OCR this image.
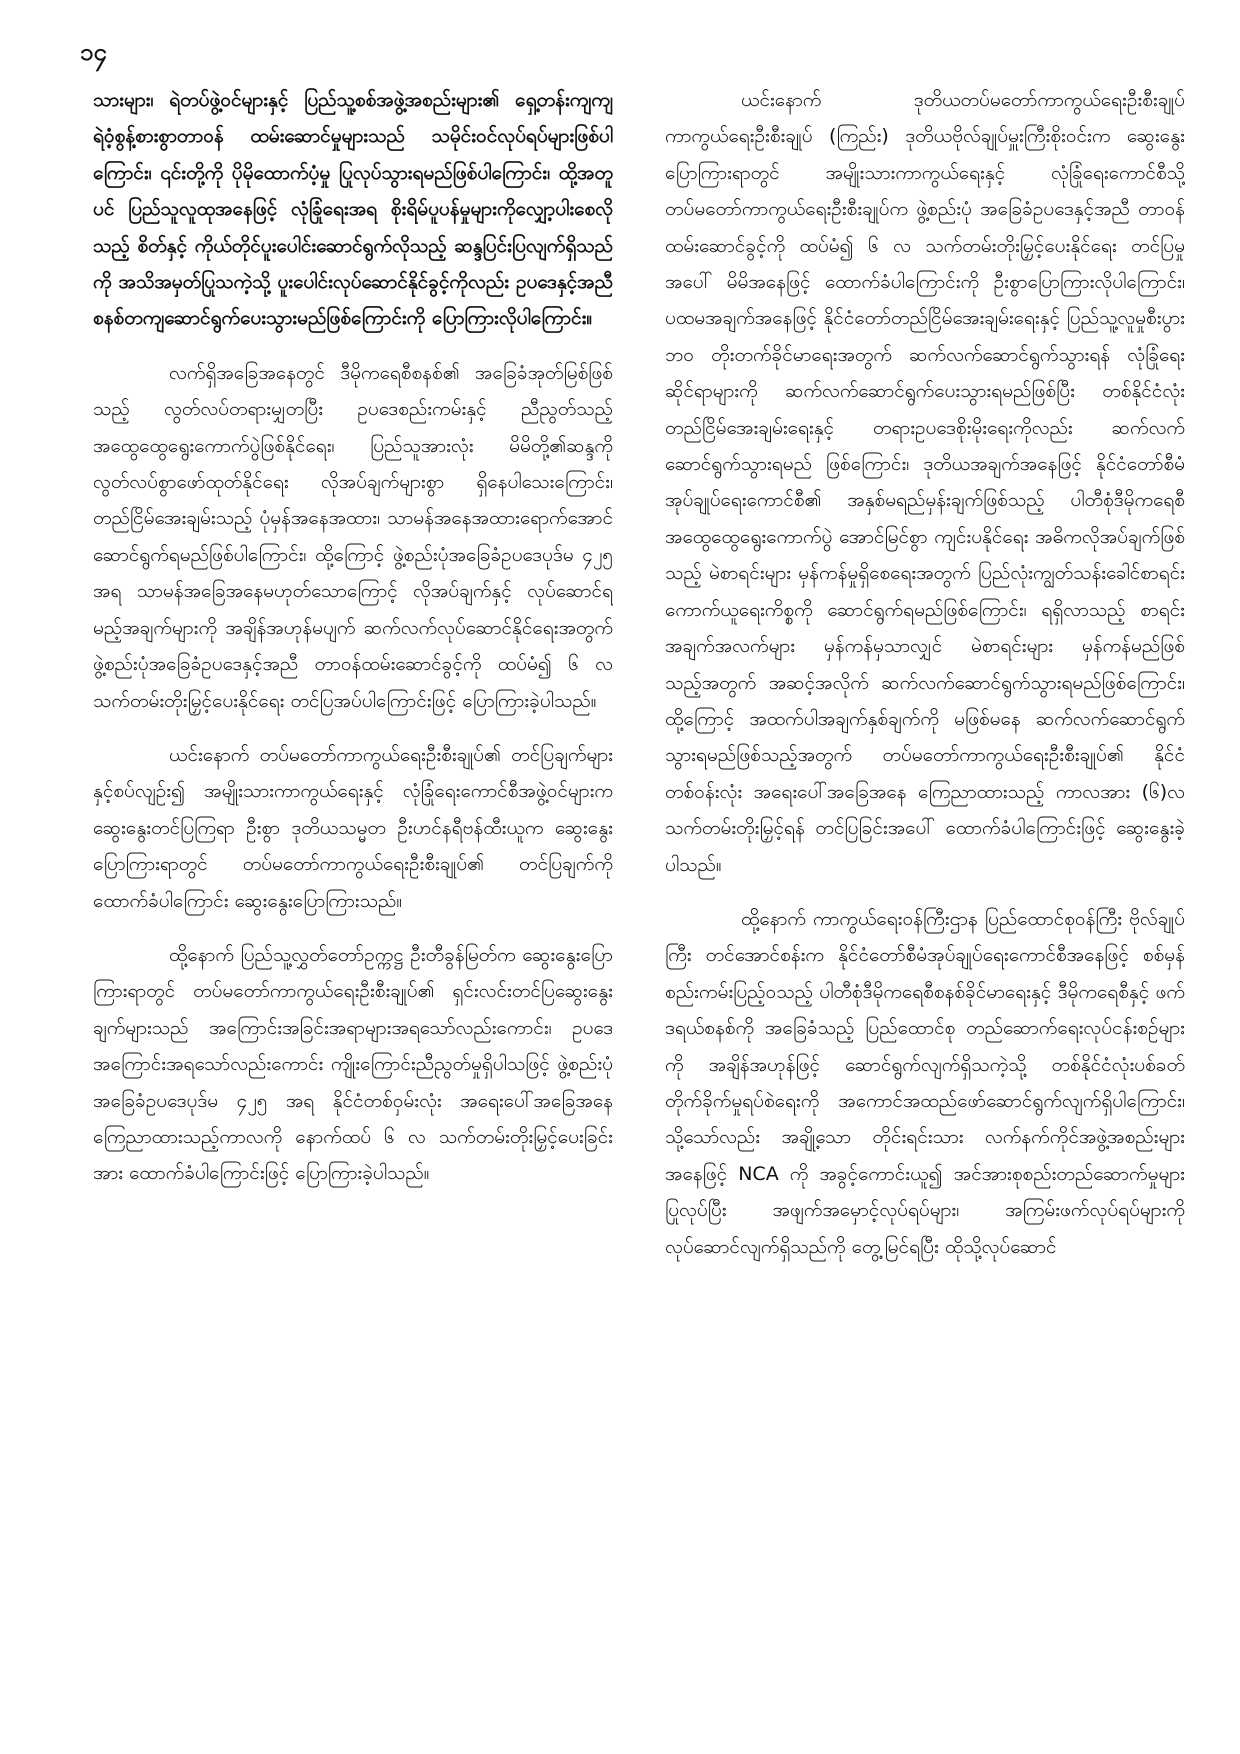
၁၄

သားများ၊ ရဲတပ်ဖွဲ့ဝင်များနှင့် ပြည်သူ့စစ်အဖွဲ့အစည်းများ၏ ရှေ့တန်းကျကျ ရဲဝံ့စွန့်စားစွာတာဝန် ထမ်းဆောင်မှုများသည် သမိုင်းဝင်လုပ်ရပ်များဖြစ်ပါကြောင်း၊ ၎င်းတို့ကို ပိုမိုထောက်ပံ့မှု ပြုလုပ်သွားရမည်ဖြစ်ပါကြောင်း၊ ထို့အတူပင် ပြည်သူလူထုအနေဖြင့် လုံခြုံရေးအရ စိုးရိမ်ပူပန်မှုများကိုလျှော့ပါးစေလိုသည့် စိတ်နှင့် ကိုယ်တိုင်ပူးပေါင်းဆောင်ရွက်လိုသည့် ဆန္ဒပြင်းပြလျက်ရှိသည်ကို အသိအမှတ်ပြုသကဲ့သို့ ပူးပေါင်းလုပ်ဆောင်နိုင်ခွင့်ကိုလည်း ဥပဒေနှင့်အညီ စနစ်တကျဆောင်ရွက်ပေးသွားမည်ဖြစ်ကြောင်းကို ပြောကြားလိုပါကြောင်း။

လက်ရှိအခြေအနေတွင် ဒီမိုကရေစီစနစ်၏ အခြေခံအုတ်မြစ်ဖြစ်သည့် လွတ်လပ်တရားမျှတပြီး ဥပဒေစည်းကမ်းနှင့် ညီညွတ်သည့် အထွေထွေရွေးကောက်ပွဲဖြစ်နိုင်ရေး၊ ပြည်သူအားလုံး မိမိတို့၏ဆန္ဒကို လွတ်လပ်စွာဖော်ထုတ်နိုင်ရေး လိုအပ်ချက်များစွာ ရှိနေပါသေးကြောင်း၊ တည်ငြိမ်အေးချမ်းသည့် ပုံမှန်အနေအထား၊ သာမန်အနေအထားရောက်အောင် ဆောင်ရွက်ရမည်ဖြစ်ပါကြောင်း၊ ထို့ကြောင့် ဖွဲ့စည်းပုံအခြေခံဥပဒေပုဒ်မ ၄၂၅ အရ သာမန်အခြေအနေမဟုတ်သောကြောင့် လိုအပ်ချက်နှင့် လုပ်ဆောင်ရမည့်အချက်များကို အချိန်အဟုန်မပျက် ဆက်လက်လုပ်ဆောင်နိုင်ရေးအတွက် ဖွဲ့စည်းပုံအခြေခံဥပဒေနှင့်အညီ တာဝန်ထမ်းဆောင်ခွင့်ကို ထပ်မံ၍ ၆ လ သက်တမ်းတိုးမြှင့်ပေးနိုင်ရေး တင်ပြအပ်ပါကြောင်းဖြင့် ပြောကြားခဲ့ပါသည်။

ယင်းနောက် တပ်မတော်ကာကွယ်ရေးဦးစီးချုပ်၏ တင်ပြချက်များနှင့်စပ်လျဉ်း၍ အမျိုးသားကာကွယ်ရေးနှင့် လုံခြုံရေးကောင်စီအဖွဲ့ဝင်များက ဆွေးနွေးတင်ပြကြရာ ဦးစွာ ဒုတိယသမ္မတ ဦးဟင်နရီဗန်ထီးယူက ဆွေးနွေးပြောကြားရာတွင် တပ်မတော်ကာကွယ်ရေးဦးစီးချုပ်၏ တင်ပြချက်ကိုထောက်ခံပါကြောင်း ဆွေးနွေးပြောကြားသည်။

ထို့နောက် ပြည်သူ့လွှတ်တော်ဥက္ကဋ္ဌ ဦးတီခွန်မြတ်က ဆွေးနွေးပြောကြားရာတွင် တပ်မတော်ကာကွယ်ရေးဦးစီးချုပ်၏ ရှင်းလင်းတင်ပြဆွေးနွေးချက်များသည် အကြောင်းအခြင်းအရာများအရသော်လည်းကောင်း၊ ဥပဒေအကြောင်းအရသော်လည်းကောင်း ကျိုးကြောင်းညီညွတ်မှုရှိပါသဖြင့် ဖွဲ့စည်းပုံအခြေခံဥပဒေပုဒ်မ ၄၂၅ အရ နိုင်ငံတစ်ဝှမ်းလုံး အရေးပေါ်အခြေအနေကြေညာထားသည့်ကာလကို နောက်ထပ် ၆ လ သက်တမ်းတိုးမြှင့်ပေးခြင်းအား ထောက်ခံပါကြောင်းဖြင့် ပြောကြားခဲ့ပါသည်။

ယင်းနောက် ဒုတိယတပ်မတော်ကာကွယ်ရေးဦးစီးချုပ် ကာကွယ်ရေးဦးစီးချုပ် (ကြည်း) ဒုတိယဗိုလ်ချုပ်မှူးကြီးစိုးဝင်းက ဆွေးနွေးပြောကြားရာတွင် အမျိုးသားကာကွယ်ရေးနှင့် လုံခြုံရေးကောင်စီသို့ တပ်မတော်ကာကွယ်ရေးဦးစီးချုပ်က ဖွဲ့စည်းပုံ အခြေခံဥပဒေနှင့်အညီ တာဝန်ထမ်းဆောင်ခွင့်ကို ထပ်မံ၍ ၆ လ သက်တမ်းတိုးမြှင့်ပေးနိုင်ရေး တင်ပြမှုအပေါ် မိမိအနေဖြင့် ထောက်ခံပါကြောင်းကို ဦးစွာပြောကြားလိုပါကြောင်း၊ ပထမအချက်အနေဖြင့် နိုင်ငံတော်တည်ငြိမ်အေးချမ်းရေးနှင့် ပြည်သူ့လူမှုစီးပွားဘဝ တိုးတက်ခိုင်မာရေးအတွက် ဆက်လက်ဆောင်ရွက်သွားရန် လုံခြုံရေးဆိုင်ရာများကို ဆက်လက်ဆောင်ရွက်ပေးသွားရမည်ဖြစ်ပြီး တစ်နိုင်ငံလုံးတည်ငြိမ်အေးချမ်းရေးနှင့် တရားဥပဒေစိုးမိုးရေးကိုလည်း ဆက်လက်ဆောင်ရွက်သွားရမည် ဖြစ်ကြောင်း၊ ဒုတိယအချက်အနေဖြင့် နိုင်ငံတော်စီမံအုပ်ချုပ်ရေးကောင်စီ၏ အနှစ်မရည်မှန်းချက်ဖြစ်သည့် ပါတီစုံဒီမိုကရေစီအထွေထွေရွေးကောက်ပွဲ အောင်မြင်စွာ ကျင်းပနိုင်ရေး အဓိကလိုအပ်ချက်ဖြစ်သည့် မဲစာရင်းများ မှန်ကန်မှုရှိစေရေးအတွက် ပြည်လုံးကျွတ်သန်းခေါင်စာရင်း ကောက်ယူရေးကိစ္စကို ဆောင်ရွက်ရမည်ဖြစ်ကြောင်း၊ ရရှိလာသည့် စာရင်းအချက်အလက်များ မှန်ကန်မှသာလျှင် မဲစာရင်းများ မှန်ကန်မည်ဖြစ်သည့်အတွက် အဆင့်အလိုက် ဆက်လက်ဆောင်ရွက်သွားရမည်ဖြစ်ကြောင်း၊ ထို့ကြောင့် အထက်ပါအချက်နှစ်ချက်ကို မဖြစ်မနေ ဆက်လက်ဆောင်ရွက်သွားရမည်ဖြစ်သည့်အတွက် တပ်မတော်ကာကွယ်ရေးဦးစီးချုပ်၏ နိုင်ငံတစ်ဝန်းလုံး အရေးပေါ်အခြေအနေ ကြေညာထားသည့် ကာလအား (၆)လ သက်တမ်းတိုးမြှင့်ရန် တင်ပြခြင်းအပေါ် ထောက်ခံပါကြောင်းဖြင့် ဆွေးနွေးခဲ့ပါသည်။

ထို့နောက် ကာကွယ်ရေးဝန်ကြီးဌာန ပြည်ထောင်စုဝန်ကြီး ဗိုလ်ချုပ်ကြီး တင်အောင်စန်းက နိုင်ငံတော်စီမံအုပ်ချုပ်ရေးကောင်စီအနေဖြင့် စစ်မှန်စည်းကမ်းပြည့်ဝသည့် ပါတီစုံဒီမိုကရေစီစနစ်ခိုင်မာရေးနှင့် ဒီမိုကရေစီနှင့် ဖက်ဒရယ်စနစ်ကို အခြေခံသည့် ပြည်ထောင်စု တည်ဆောက်ရေးလုပ်ငန်းစဉ်များကို အချိန်အဟုန်ဖြင့် ဆောင်ရွက်လျက်ရှိသကဲ့သို့ တစ်နိုင်ငံလုံးပစ်ခတ်တိုက်ခိုက်မှုရပ်စဲရေးကို အကောင်အထည်ဖော်ဆောင်ရွက်လျက်ရှိပါကြောင်း၊ သို့သော်လည်း အချို့သော တိုင်းရင်းသား လက်နက်ကိုင်အဖွဲ့အစည်းများအနေဖြင့် NCA ကို အခွင့်ကောင်းယူ၍ အင်အားစုစည်းတည်ဆောက်မှုများပြုလုပ်ပြီး အဖျက်အမှောင့်လုပ်ရပ်များ၊ အကြမ်းဖက်လုပ်ရပ်များကို လုပ်ဆောင်လျက်ရှိသည်ကို တွေ့မြင်ရပြီး ထိုသို့လုပ်ဆောင်
